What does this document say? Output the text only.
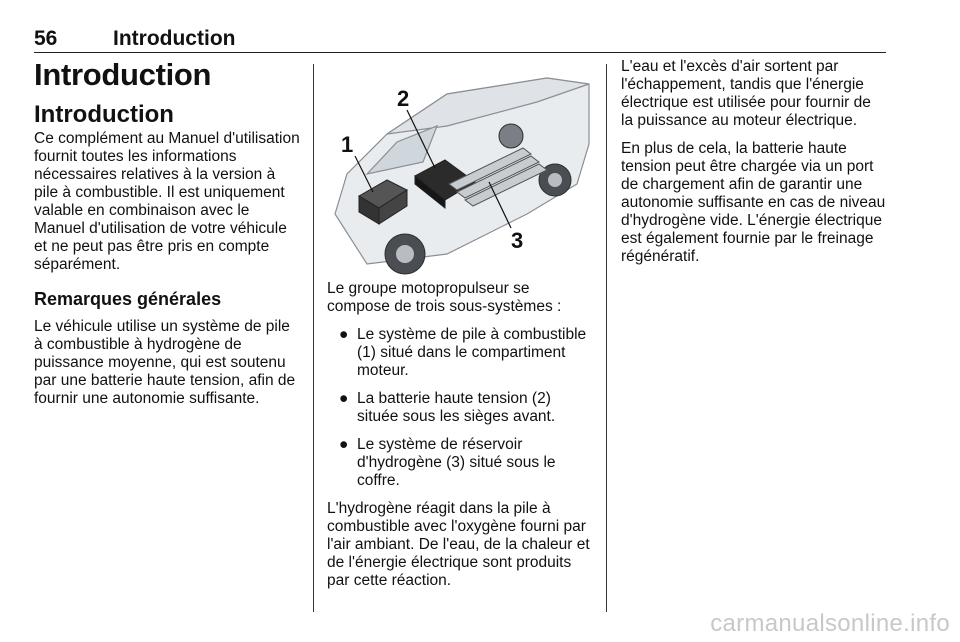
56	Introduction
Introduction
Introduction

Ce complément au Manuel d'utilisation fournit toutes les informations nécessaires relatives à la version à pile à combustible. Il est uniquement valable en combinaison avec le Manuel d'utilisation de votre véhicule et ne peut pas être pris en compte séparément.

Remarques générales

Le véhicule utilise un système de pile à combustible à hydrogène de puissance moyenne, qui est soutenu par une batterie haute tension, afin de fournir une autonomie suffisante.

1
2
3

Le groupe motopropulseur se compose de trois sous-systèmes :

● Le système de pile à combustible (1) situé dans le compartiment moteur.
● La batterie haute tension (2) située sous les sièges avant.
● Le système de réservoir d'hydrogène (3) situé sous le coffre.

L'hydrogène réagit dans la pile à combustible avec l'oxygène fourni par l'air ambiant. De l'eau, de la chaleur et de l'énergie électrique sont produits par cette réaction.

L'eau et l'excès d'air sortent par l'échappement, tandis que l'énergie électrique est utilisée pour fournir de la puissance au moteur électrique.

En plus de cela, la batterie haute tension peut être chargée via un port de chargement afin de garantir une autonomie suffisante en cas de niveau d'hydrogène vide. L'énergie électrique est également fournie par le freinage régénératif.

carmanualsonline.info
